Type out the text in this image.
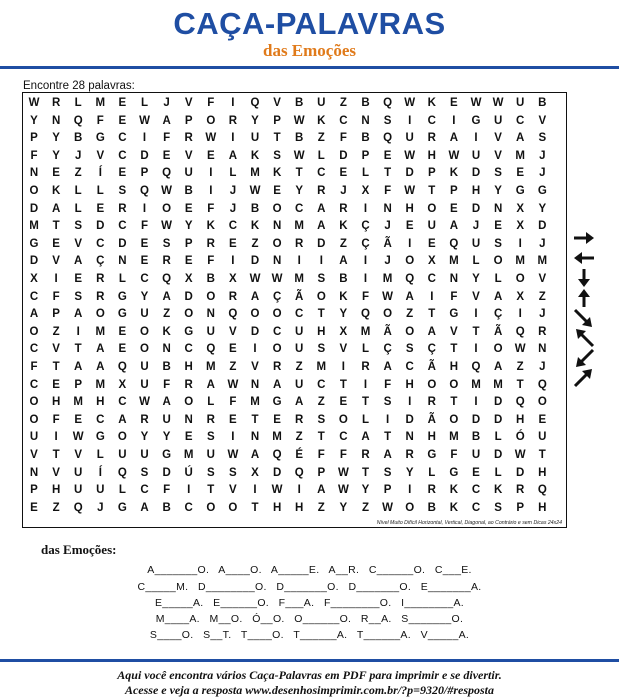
CAÇA-PALAVRAS
das Emoções
Encontre 28 palavras:
W	R	L	M	E	L	J	V	F	I	Q	V	B	U	Z	B	Q	W	K	E	W W	U	B
Y	N	Q	F	E	W	A	P	O	R	Y	P	W	K	C	N	S	I	C	I	G	U	C	V
P	Y	B	G	C	I	F	R	W	I	U	T	B	Z	F	B	Q	U	R	A	I	V	A	S
F	Y	J	V	C	D	E	V	E	A	K	S	W	L	D	P	E	W	H	W	U	V	M	J
N	E	Z	Í	E	P	Q	U	I	L	M	K	T	C	E	L	T	D	P	K	D	S	E	J
O	K	L	L	S	Q	W	B	I	J	W	E	Y	R	J	X	F	W	T	P	H	Y	G	G
D	A	L	E	R	I	O	E	F	J	B	O	C	A	R	I	N	H	O	E	D	N	X	Y
M	T	S	D	C	F	W	Y	K	C	K	N	M	A	K	Ç	J	E	U	A	J	E	X	D
G	E	V	C	D	E	S	P	R	E	Z	O	R	D	Z	Ç	Ã	I	E	Q	U	S	I	J
D	V	A	Ç	N	E	R	E	F	I	D	N	I	I	A	I	J	O	X	M	L	O	M M
X	I	E	R	L	C	Q	X	B	X	W W M	S	B	I	M	Q	C	N	Y	L	O	V
C	F	S	R	G	Y	A	D	O	R	A	Ç	Ã	O	K	F	W	A	I	F	V	A	X	Z
A	P	A	O	G	U	Z	O	N	Q	O	O	C	T	Y	Q	O	Z	T	G	I	Ç	I	J
O	Z	I	M	E	O	K	G	U	V	D	C	U	H	X	M	Ã	O	A	V	T	Ã	Q	R
C	V	T	A	E	O	N	C	Q	E	I	O	U	S	V	L	Ç	S	Ç	T	I	O	W	N
F	T	A	A	Q	U	B	H	M	Z	V	R	Z	M	I	R	A	C	Ã	H	Q	A	Z	J
C	E	P	M	X	U	F	R	A	W	N	A	U	C	T	I	F	H	O	O	M M	T	Q
O	H	M	H	C	W	A	O	L	F	M	G	A	Z	E	T	S	I	R	T	I	D	Q	O
O	F	E	C	A	R	U	N	R	E	T	E	R	S	O	L	I	D	Ã	O	D	D	H	E
U	I	W	G	O	Y	Y	E	S	I	N	M	Z	T	C	A	T	N	H	M	B	L	Ó	U
V	T	V	L	U	U	G	M	U	W	A	Q	É	F	F	R	A	R	G	F	U	D	W	T
N	V	U	Í	Q	S	D	Ú	S	S	X	D	Q	P	W	T	S	Y	L	G	E	L	D	H
P	H	U	U	L	C	F	I	T	V	I	W	I	A	W	Y	P	I	R	K	C	K	R	Q
E	Z	Q	J	G	A	B	C	O	O	T	H	H	Z	Y	Z	W	O	B	K	C	S	P	H
Nível Muito Difícil Horizontal, Vertical, Diagonal, ao Contrário e sem Dicas 24x24
das Emoções:
A_______O.   A____O.   A_____E.   A__R.   C______O.   C___E.
C_____M.   D________O.   D_______O.   D_______O.   E_______A.
E_____A.   E______O.   F___A.   F________O.   I________A.
M____A.   M__O.   Ó__O.   O______O.   R__A.   S_______O.
S____O.   S__T.   T____O.   T______A.   T______A.   V_____A.
Aqui você encontra vários Caça-Palavras em PDF para imprimir e se divertir.
Acesse e veja a resposta www.desenhosimprimir.com.br/?p=9320/#resposta
